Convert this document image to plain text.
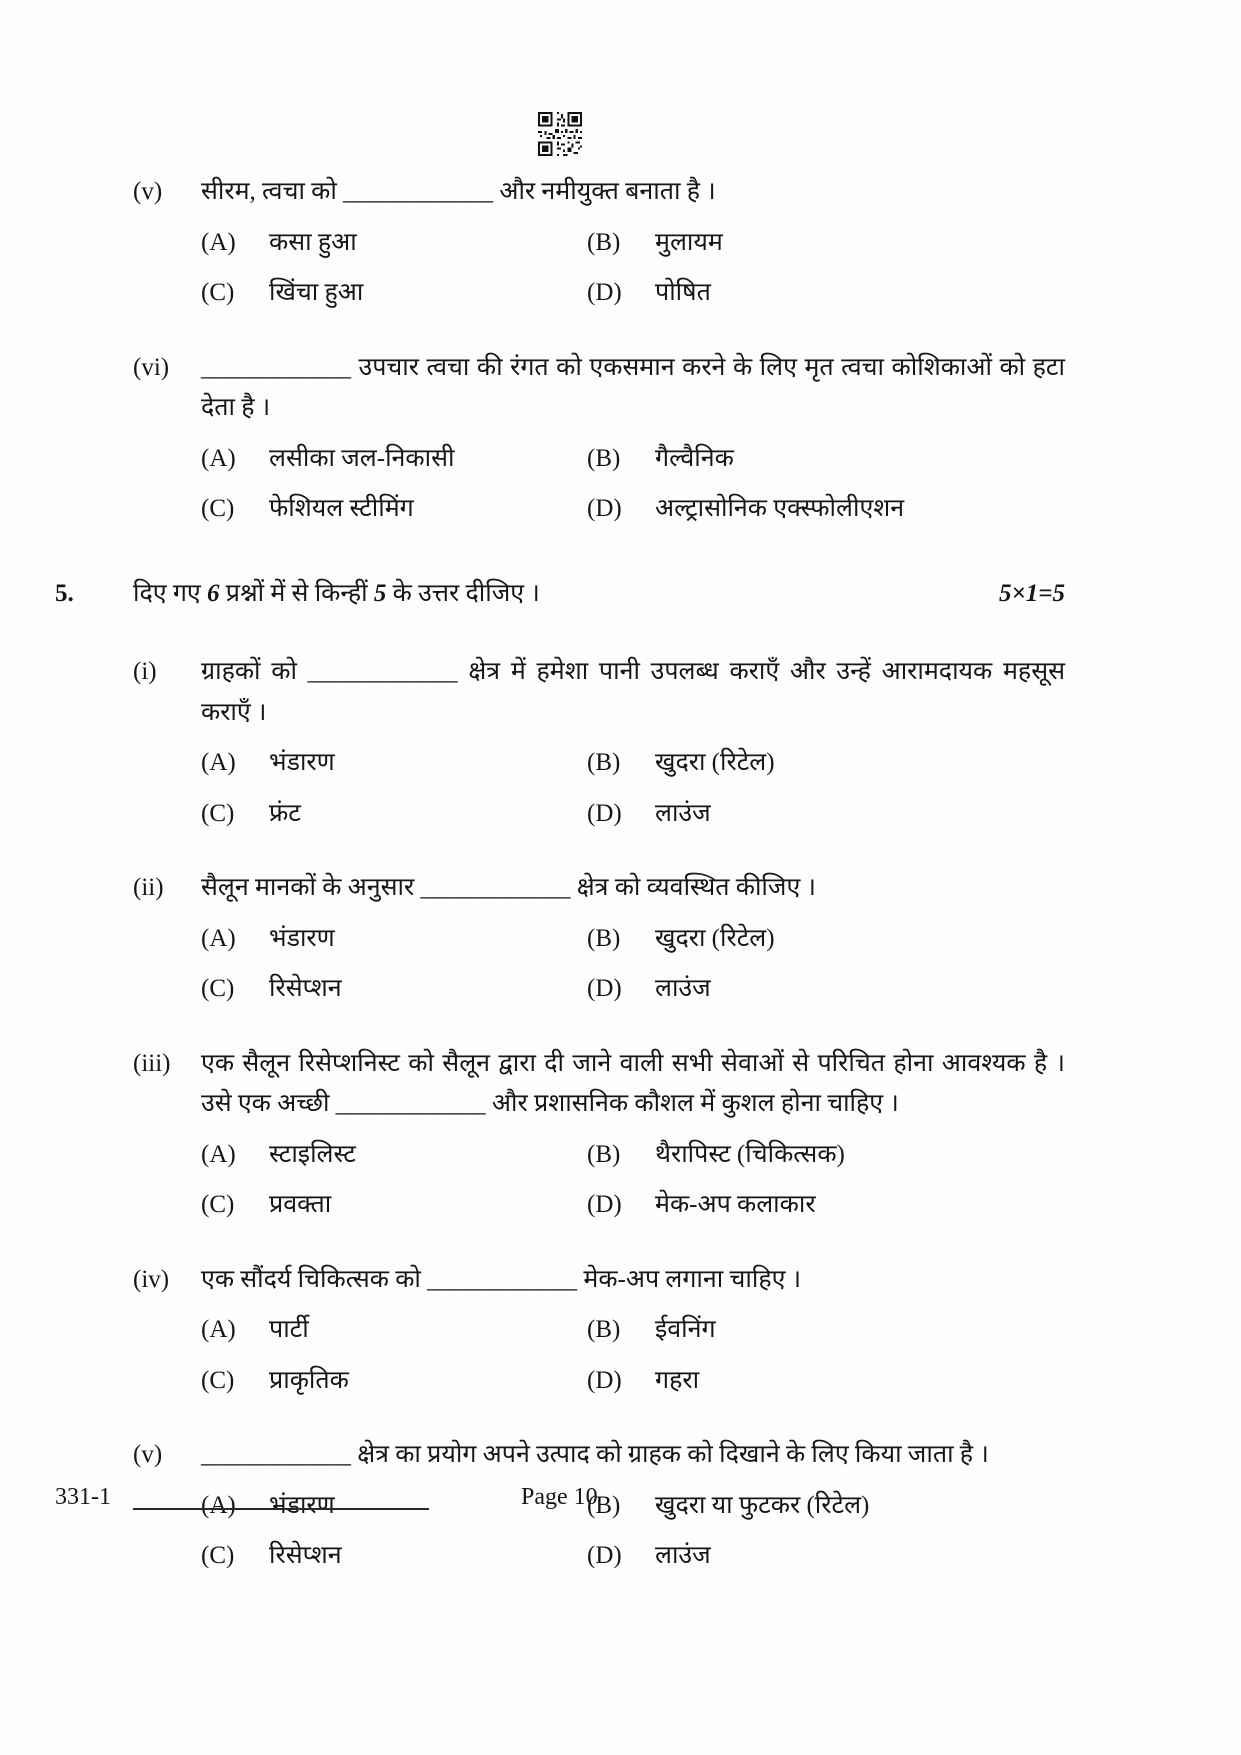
(v)	सीरम, त्वचा को ____________ और नमीयुक्त बनाता है ।

(A)	कसा हुआ	(B)	मुलायम
(C)	खिंचा हुआ	(D)	पोषित
(vi)	____________ उपचार त्वचा की रंगत को एकसमान करने के लिए मृत त्वचा कोशिकाओं को हटा देता है ।

(A)	लसीका जल-निकासी	(B)	गैल्वैनिक
(C)	फेशियल स्टीमिंग	(D)	अल्ट्रासोनिक एक्स्फोलीएशन
5.	दिए गए 6 प्रश्नों में से किन्हीं 5 के उत्तर दीजिए ।	5×1=5
(i)	ग्राहकों को ____________ क्षेत्र में हमेशा पानी उपलब्ध कराएँ और उन्हें आरामदायक महसूस कराएँ ।

(A)	भंडारण	(B)	खुदरा (रिटेल)
(C)	फ्रंट	(D)	लाउंज
(ii)	सैलून मानकों के अनुसार ____________ क्षेत्र को व्यवस्थित कीजिए ।

(A)	भंडारण	(B)	खुदरा (रिटेल)
(C)	रिसेप्शन	(D)	लाउंज
(iii)	एक सैलून रिसेप्शनिस्ट को सैलून द्वारा दी जाने वाली सभी सेवाओं से परिचित होना आवश्यक है । उसे एक अच्छी ____________ और प्रशासनिक कौशल में कुशल होना चाहिए ।

(A)	स्टाइलिस्ट	(B)	थैरापिस्ट (चिकित्सक)
(C)	प्रवक्ता	(D)	मेक-अप कलाकार
(iv)	एक सौंदर्य चिकित्सक को ____________ मेक-अप लगाना चाहिए ।

(A)	पार्टी	(B)	ईवनिंग
(C)	प्राकृतिक	(D)	गहरा
(v)	____________ क्षेत्र का प्रयोग अपने उत्पाद को ग्राहक को दिखाने के लिए किया जाता है ।

(A)	भंडारण	(B)	खुदरा या फुटकर (रिटेल)
(C)	रिसेप्शन	(D)	लाउंज
331-1	Page 10
